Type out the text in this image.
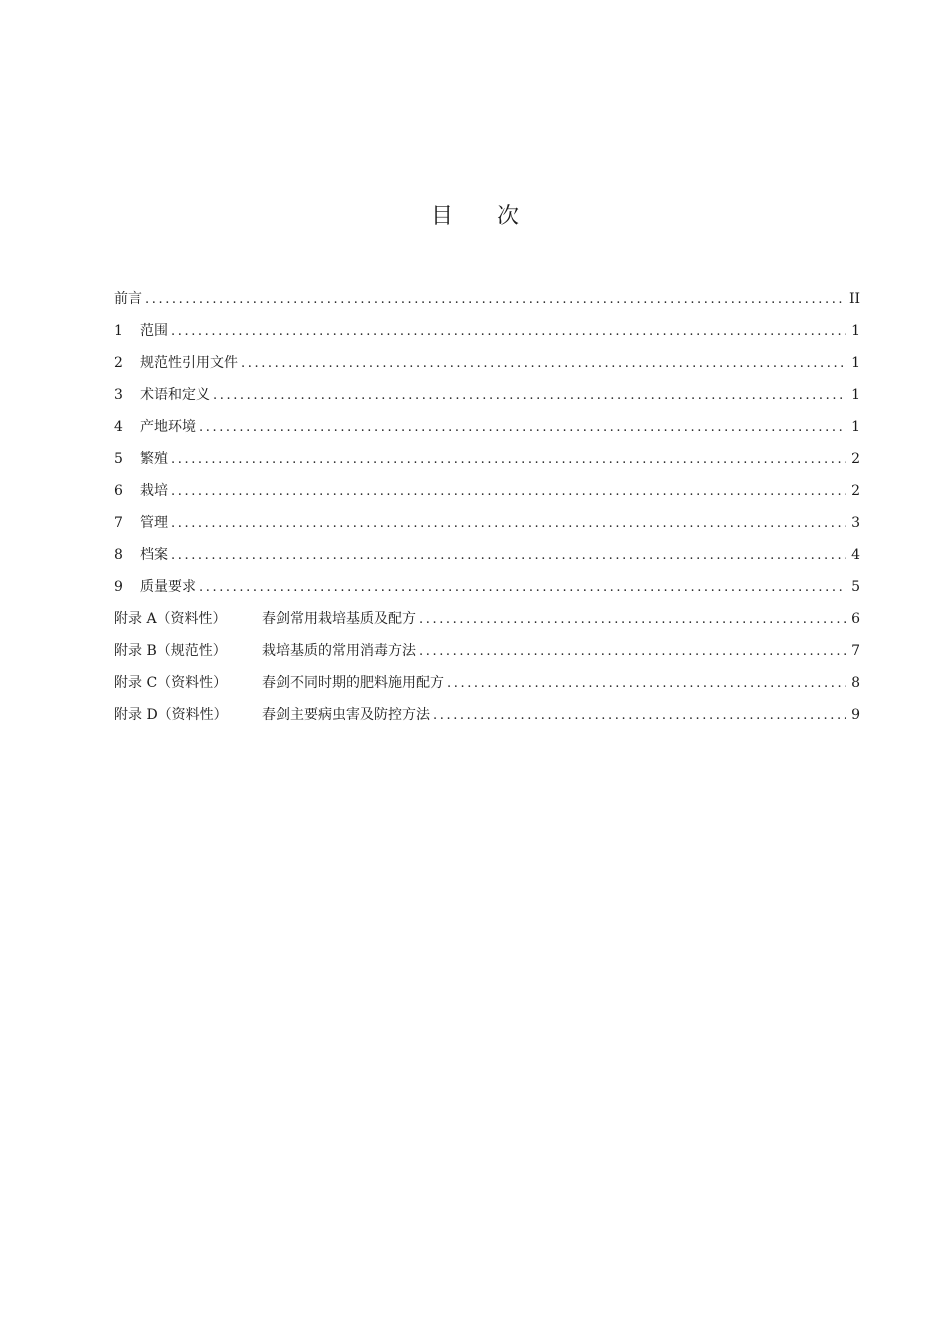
目 次
前言 .....	II
1	范围 .....	1
2	规范性引用文件 .....	1
3	术语和定义 .....	1
4	产地环境 .....	1
5	繁殖 .....	2
6	栽培 .....	2
7	管理 .....	3
8	档案 .....	4
9	质量要求 .....	5
附录 A（资料性）	春剑常用栽培基质及配方 .....	6
附录 B（规范性）	栽培基质的常用消毒方法 .....	7
附录 C（资料性）	春剑不同时期的肥料施用配方 .....	8
附录 D（资料性）	春剑主要病虫害及防控方法 .....	9
